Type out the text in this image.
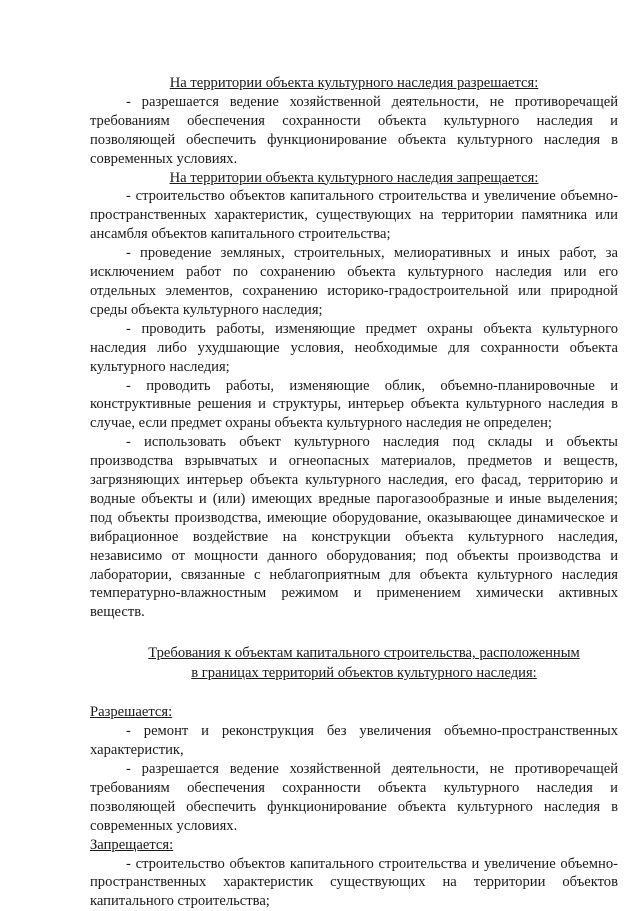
На территории объекта культурного наследия разрешается:

- разрешается ведение хозяйственной деятельности, не противоречащей требованиям обеспечения сохранности объекта культурного наследия и позволяющей обеспечить функционирование объекта культурного наследия в современных условиях.

На территории объекта культурного наследия запрещается:

- строительство объектов капитального строительства и увеличение объемно-пространственных характеристик, существующих на территории памятника или ансамбля объектов капитального строительства;

- проведение земляных, строительных, мелиоративных и иных работ, за исключением работ по сохранению объекта культурного наследия или его отдельных элементов, сохранению историко-градостроительной или природной среды объекта культурного наследия;

- проводить работы, изменяющие предмет охраны объекта культурного наследия либо ухудшающие условия, необходимые для сохранности объекта культурного наследия;

- проводить работы, изменяющие облик, объемно-планировочные и конструктивные решения и структуры, интерьер объекта культурного наследия в случае, если предмет охраны объекта культурного наследия не определен;

- использовать объект культурного наследия под склады и объекты производства взрывчатых и огнеопасных материалов, предметов и веществ, загрязняющих интерьер объекта культурного наследия, его фасад, территорию и водные объекты и (или) имеющих вредные парогазообразные и иные выделения; под объекты производства, имеющие оборудование, оказывающее динамическое и вибрационное воздействие на конструкции объекта культурного наследия, независимо от мощности данного оборудования; под объекты производства и лаборатории, связанные с неблагоприятным для объекта культурного наследия температурно-влажностным режимом и применением химически активных веществ.

Требования к объектам капитального строительства, расположенным
в границах территорий объектов культурного наследия:

Разрешается:

- ремонт и реконструкция без увеличения объемно-пространственных характеристик,

- разрешается ведение хозяйственной деятельности, не противоречащей требованиям обеспечения сохранности объекта культурного наследия и позволяющей обеспечить функционирование объекта культурного наследия в современных условиях.

Запрещается:

- строительство объектов капитального строительства и увеличение объемно-пространственных характеристик существующих на территории объектов капитального строительства;
